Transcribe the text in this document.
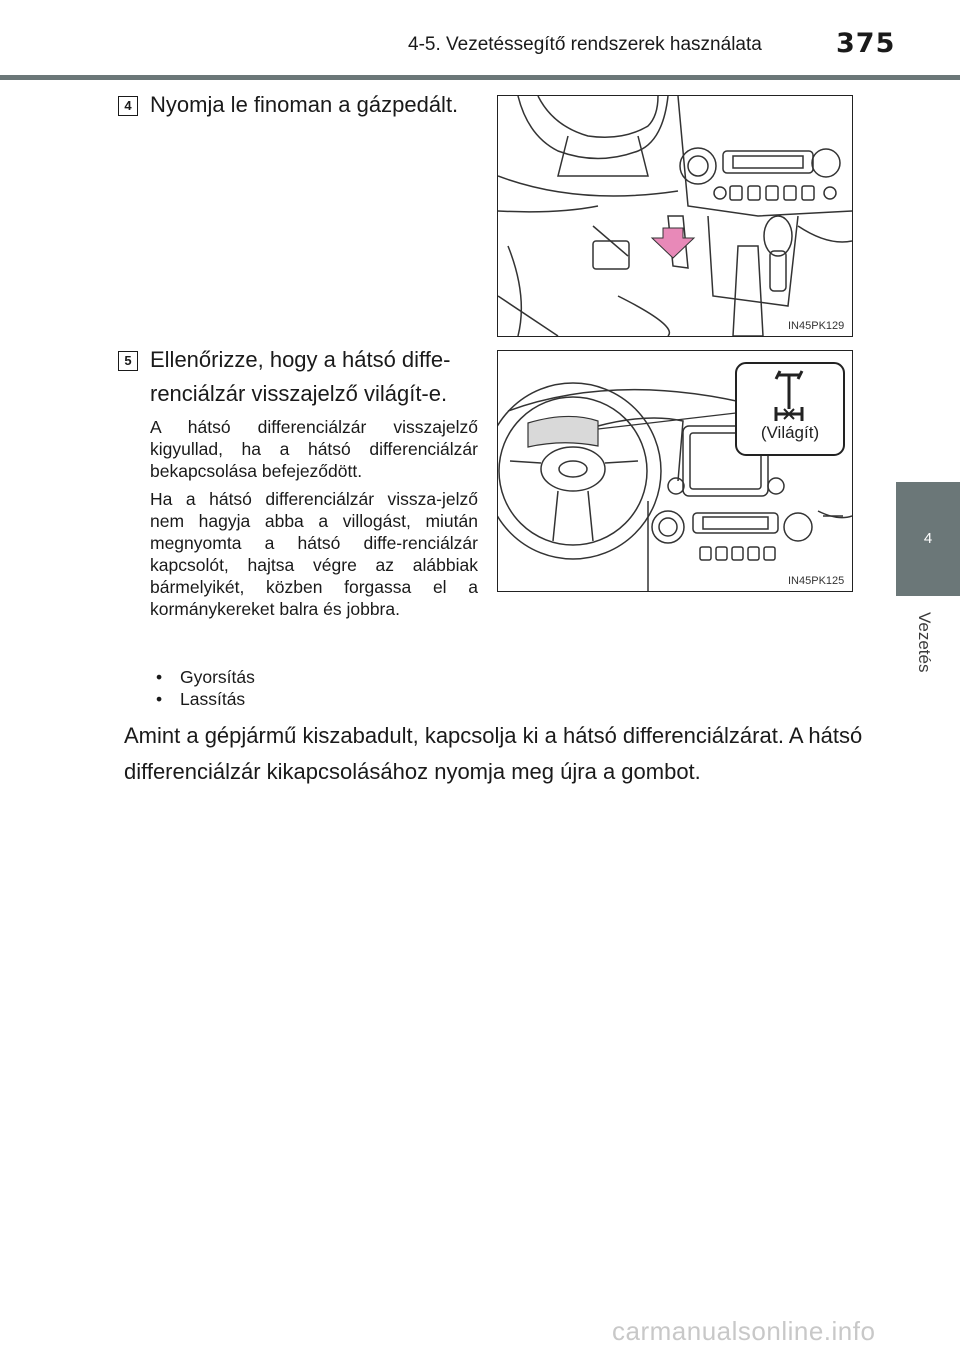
4-5. Vezetéssegítő rendszerek használata	375
4
Vezetés
4 Nyomja le finoman a gázpedált.
IN45PK129
5 Ellenőrizze, hogy a hátsó diffe-
renciálzár visszajelző világít-e.
A hátsó differenciálzár visszajelző kigyullad, ha a hátsó differenciálzár bekapcsolása befejeződött.
Ha a hátsó differenciálzár vissza-jelző nem hagyja abba a villogást, miután megnyomta a hátsó diffe-renciálzár kapcsolót, hajtsa végre az alábbiak bármelyikét, közben forgassa el a kormánykereket balra és jobbra.
•	Gyorsítás
•	Lassítás
(Világít)
IN45PK125
Amint a gépjármű kiszabadult, kapcsolja ki a hátsó differenciálzárat. A hátsó differenciálzár kikapcsolásához nyomja meg újra a gombot.
carmanualsonline.info
